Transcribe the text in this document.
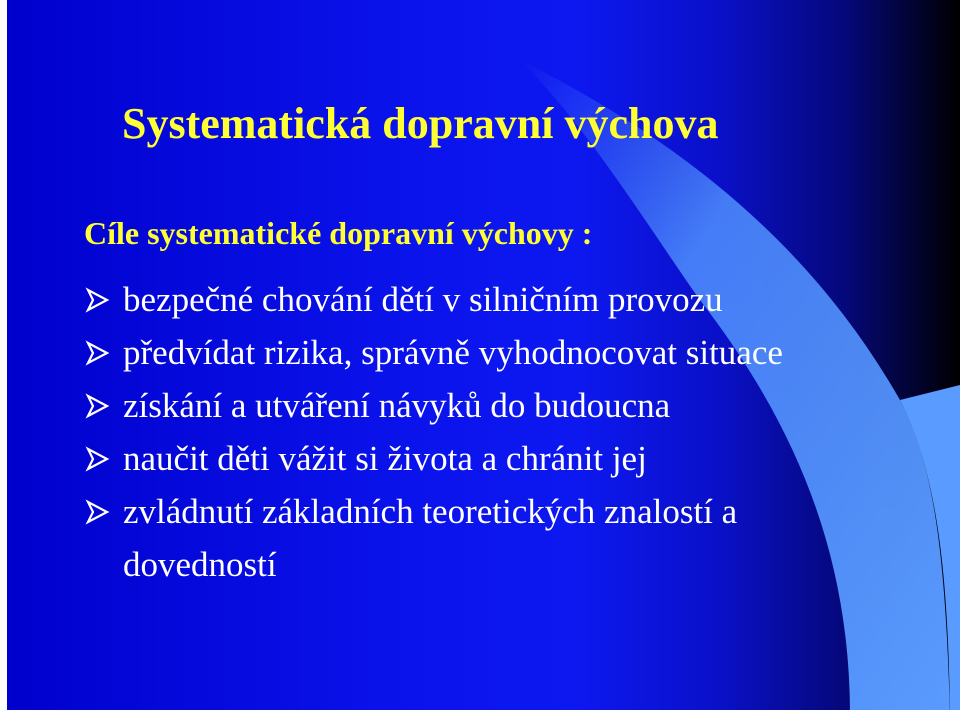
Systematická dopravní výchova
Cíle systematické dopravní výchovy :
bezpečné chování dětí v silničním provozu
předvídat rizika, správně vyhodnocovat situace
získání a utváření návyků do budoucna
naučit děti vážit si života a chránit jej
zvládnutí základních teoretických znalostí a dovedností
